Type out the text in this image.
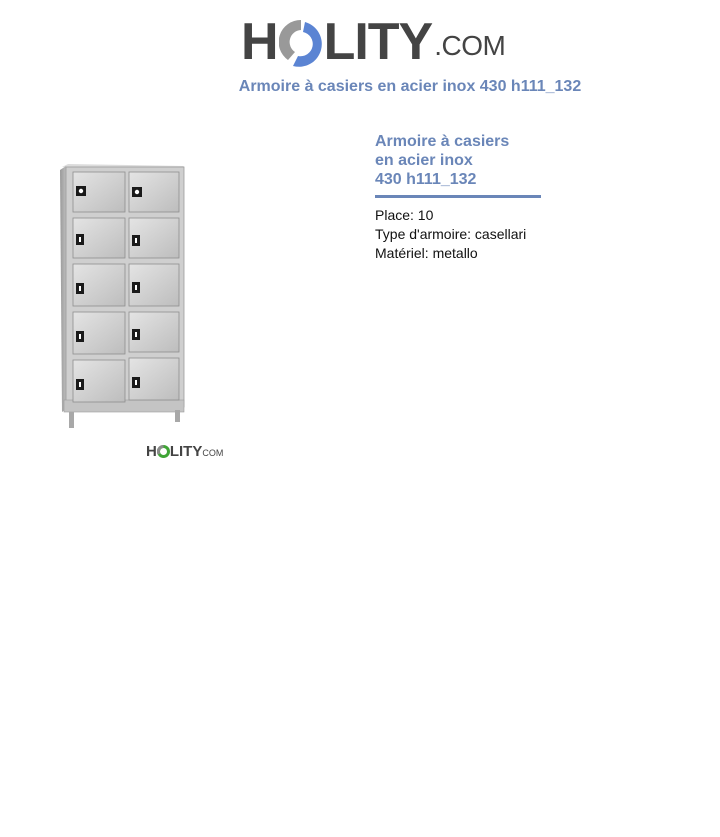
H LITY .COM
Armoire à casiers en acier inox 430 h111_132
H LITY COM
Armoire à casiers
en acier inox
430 h111_132
Place: 10
Type d'armoire: casellari
Matériel: metallo
